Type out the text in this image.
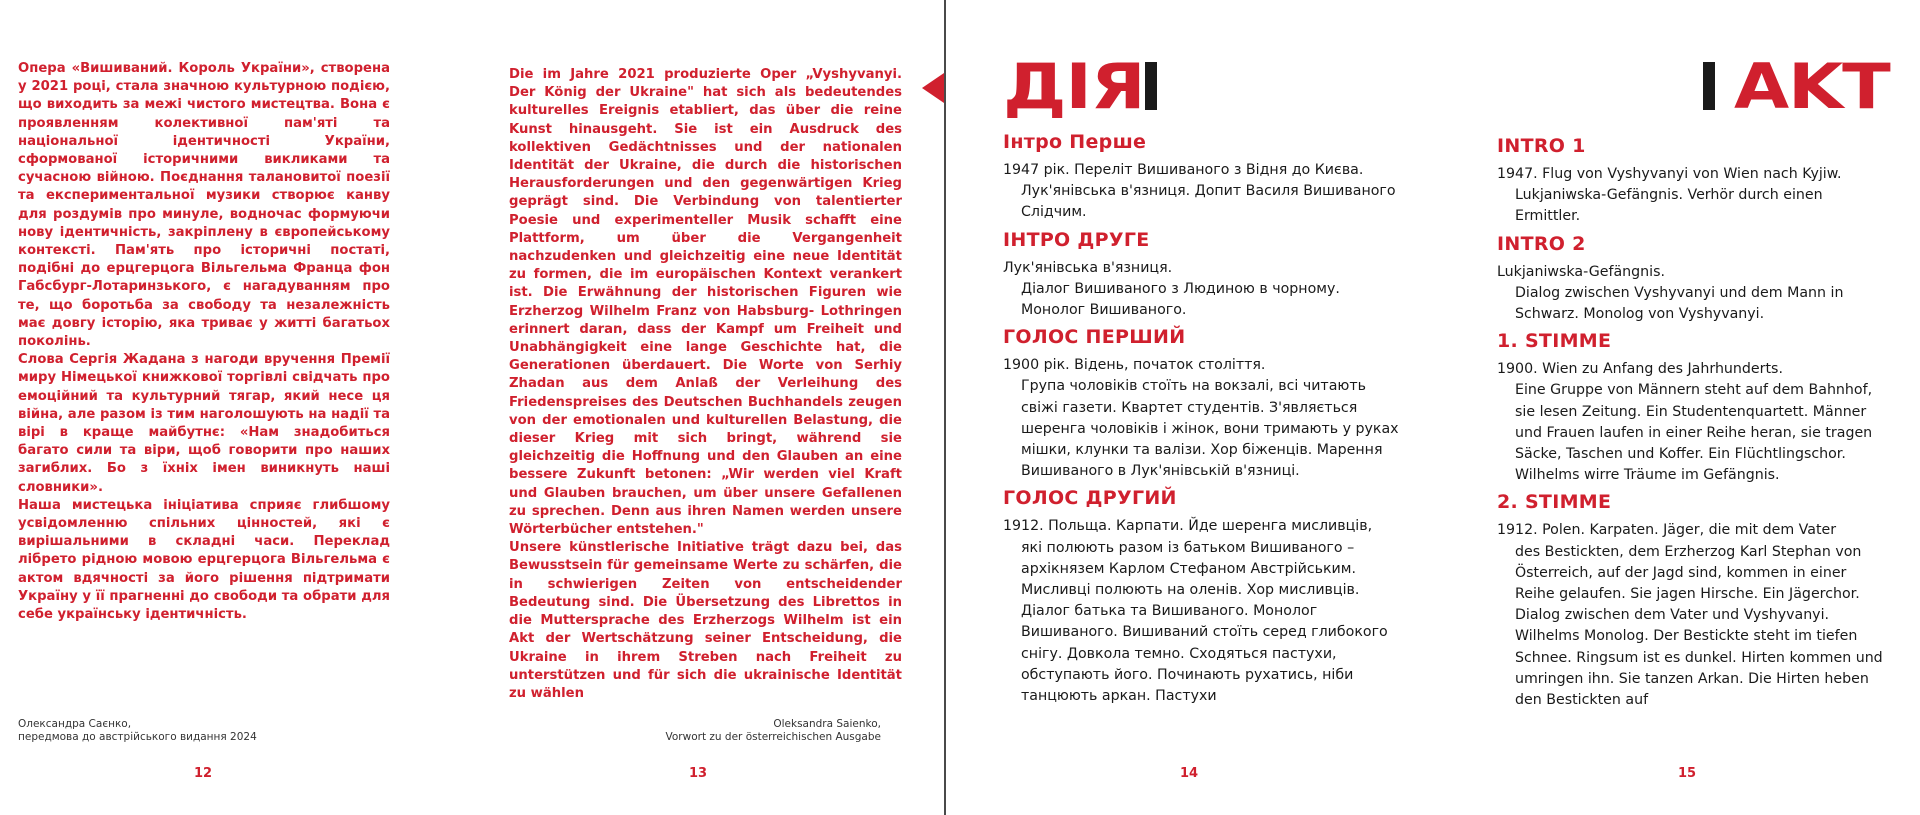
Опера «Вишиваний. Король України», створена у 2021 році, стала значною культурною подією, що виходить за межі чистого мистецтва. Вона є проявленням колективної пам'яті та національної ідентичності України, сформованої історичними викликами та сучасною війною. Поєднання талановитої поезії та експериментальної музики створює канву для роздумів про минуле, водночас формуючи нову ідентичність, закріплену в європейському контексті. Пам'ять про історичні постаті, подібні до ерцгерцога Вільгельма Франца фон Габсбург-Лотаринзького, є нагадуванням про те, що боротьба за свободу та незалежність має довгу історію, яка триває у житті багатьох поколінь.

Слова Сергія Жадана з нагоди вручення Премії миру Німецької книжкової торгівлі свідчать про емоційний та культурний тягар, який несе ця війна, але разом із тим наголошують на надії та вірі в краще майбутнє: «Нам знадобиться багато сили та віри, щоб говорити про наших загиблих. Бо з їхніх імен виникнуть наші словники».

Наша мистецька ініціатива сприяє глибшому усвідомленню спільних цінностей, які є вирішальними в складні часи. Переклад лібрето рідною мовою ерцгерцога Вільгельма є актом вдячності за його рішення підтримати Україну у її прагненні до свободи та обрати для себе українську ідентичність.

Олександра Саєнко,
передмова до австрійського видання 2024
12

Die im Jahre 2021 produzierte Oper „Vyshyvanyi. Der König der Ukraine" hat sich als bedeutendes kulturelles Ereignis etabliert, das über die reine Kunst hinausgeht. Sie ist ein Ausdruck des kollektiven Gedächtnisses und der nationalen Identität der Ukraine, die durch die historischen Herausforderungen und den gegenwärtigen Krieg geprägt sind. Die Verbindung von talentierter Poesie und experimenteller Musik schafft eine Plattform, um über die Vergangenheit nachzudenken und gleichzeitig eine neue Identität zu formen, die im europäischen Kontext verankert ist. Die Erwähnung der historischen Figuren wie Erzherzog Wilhelm Franz von Habsburg- Lothringen erinnert daran, dass der Kampf um Freiheit und Unabhängigkeit eine lange Geschichte hat, die Generationen überdauert. Die Worte von Serhiy Zhadan aus dem Anlaß der Verleihung des Friedenspreises des Deutschen Buchhandels zeugen von der emotionalen und kulturellen Belastung, die dieser Krieg mit sich bringt, während sie gleichzeitig die Hoffnung und den Glauben an eine bessere Zukunft betonen: „Wir werden viel Kraft und Glauben brauchen, um über unsere Gefallenen zu sprechen. Denn aus ihren Namen werden unsere Wörterbücher entstehen."

Unsere künstlerische Initiative trägt dazu bei, das Bewusstsein für gemeinsame Werte zu schärfen, die in schwierigen Zeiten von entscheidender Bedeutung sind. Die Übersetzung des Librettos in die Muttersprache des Erzherzogs Wilhelm ist ein Akt der Wertschätzung seiner Entscheidung, die Ukraine in ihrem Streben nach Freiheit zu unterstützen und für sich die ukrainische Identität zu wählen

Oleksandra Saienko,
Vorwort zu der österreichischen Ausgabe
13
ДІЯ
Інтро Перше
1947 рік. Переліт Вишиваного з Відня до Києва.
Лук'янівська в'язниця. Допит Василя Вишиваного Слідчим.
ІНТРО ДРУГЕ
Лук'янівська в'язниця.
Діалог Вишиваного з Людиною в чорному. Монолог Вишиваного.
ГОЛОС ПЕРШИЙ
1900 рік. Відень, початок століття.
Група чоловіків стоїть на вокзалі, всі читають свіжі газети. Квартет студентів. З'являється шеренга чоловіків і жінок, вони тримають у руках мішки, клунки та валізи. Хор біженців. Марення Вишиваного в Лук'янівській в'язниці.
ГОЛОС ДРУГИЙ
1912. Польща. Карпати. Йде шеренга мисливців,
які полюють разом із батьком Вишиваного – архікнязем Карлом Стефаном Австрійським. Мисливці полюють на оленів. Хор мисливців. Діалог батька та Вишиваного. Монолог Вишиваного. Вишиваний стоїть серед глибокого снігу. Довкола темно. Сходяться пастухи, обступають його. Починають рухатись, ніби танцюють аркан. Пастухи
14
AKT
INTRO 1
1947. Flug von Vyshyvanyi von Wien nach Kyjiw.
Lukjaniwska-Gefängnis. Verhör durch einen Ermittler.
INTRO 2
Lukjaniwska-Gefängnis.
Dialog zwischen Vyshyvanyi und dem Mann in Schwarz. Monolog von Vyshyvanyi.
1. STIMME
1900. Wien zu Anfang des Jahrhunderts.
Eine Gruppe von Männern steht auf dem Bahnhof, sie lesen Zeitung. Ein Studentenquartett. Männer und Frauen laufen in einer Reihe heran, sie tragen Säcke, Taschen und Koffer. Ein Flüchtlingschor. Wilhelms wirre Träume im Gefängnis.
2. STIMME
1912. Polen. Karpaten. Jäger, die mit dem Vater
des Bestickten, dem Erzherzog Karl Stephan von Österreich, auf der Jagd sind, kommen in einer Reihe gelaufen. Sie jagen Hirsche. Ein Jägerchor. Dialog zwischen dem Vater und Vyshyvanyi. Wilhelms Monolog. Der Bestickte steht im tiefen Schnee. Ringsum ist es dunkel. Hirten kommen und umringen ihn. Sie tanzen Arkan. Die Hirten heben den Bestickten auf
15
